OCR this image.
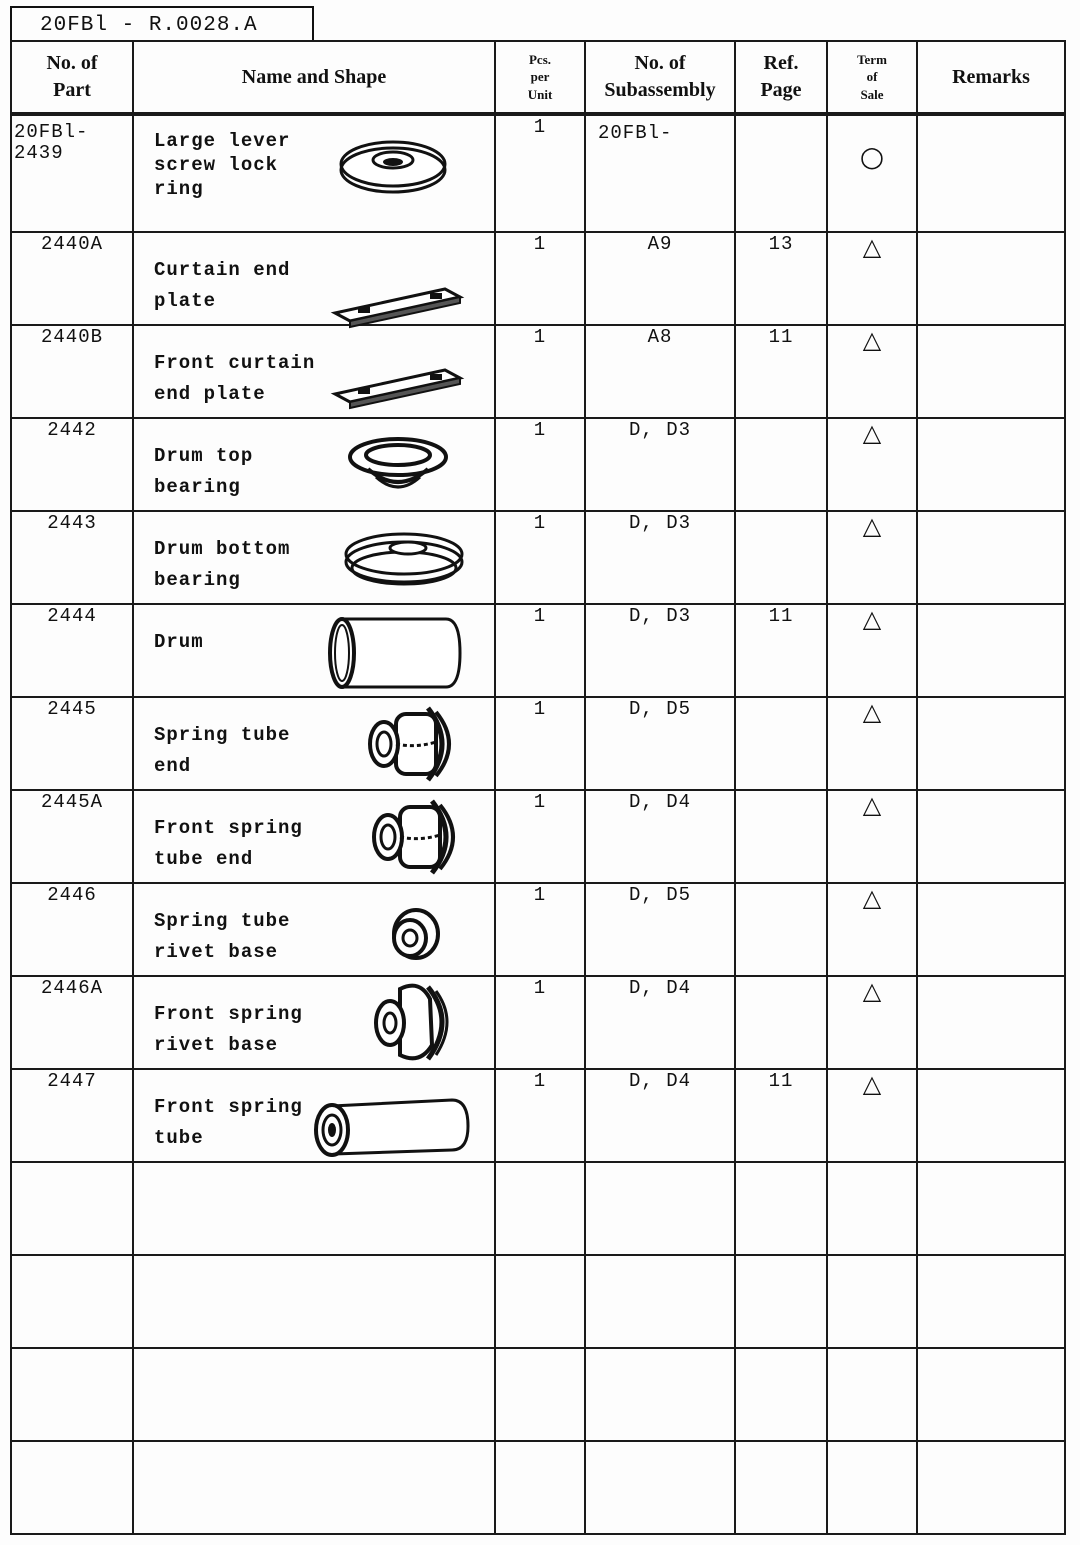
20FBl - R.0028.A
No. of
Part	Name and Shape	Pcs.
per
Unit	No. of
Subassembly	Ref.
Page	Term
of
Sale	Remarks
20FBl-
2439	Large lever
screw lock
ring	1	20FBl-		○	
2440A	Curtain end plate	1	A9	13	△	
2440B	Front curtain
end plate	1	A8	11	△	
2442	Drum top
bearing	1	D, D3		△	
2443	Drum bottom
bearing	1	D, D3		△	
2444	Drum	1	D, D3	11	△	
2445	Spring tube
end	1	D, D5		△	
2445A	Front spring
tube end	1	D, D4		△	
2446	Spring tube
rivet base	1	D, D5		△	
2446A	Front spring
rivet base	1	D, D4		△	
2447	Front spring
tube	1	D, D4	11	△	
